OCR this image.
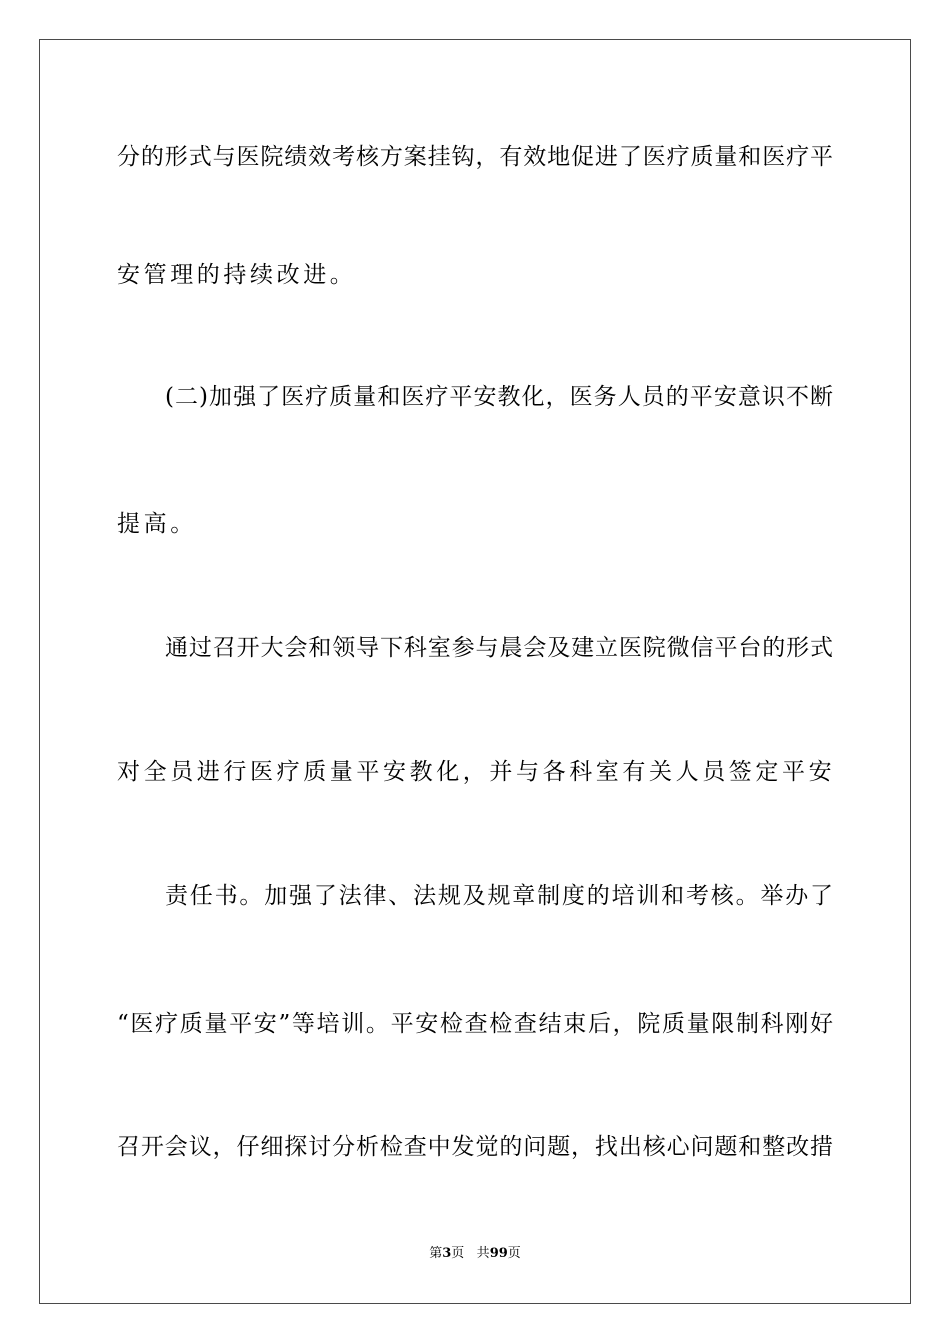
分的形式与医院绩效考核方案挂钩，有效地促进了医疗质量和医疗平
安管理的持续改进。
(二)加强了医疗质量和医疗平安教化，医务人员的平安意识不断
提高。
通过召开大会和领导下科室参与晨会及建立医院微信平台的形式
对全员进行医疗质量平安教化，并与各科室有关人员签定平安
责任书。加强了法律、法规及规章制度的培训和考核。举办了
“医疗质量平安”等培训。平安检查检查结束后，院质量限制科刚好
召开会议，仔细探讨分析检查中发觉的问题，找出核心问题和整改措
第3页 共99页
